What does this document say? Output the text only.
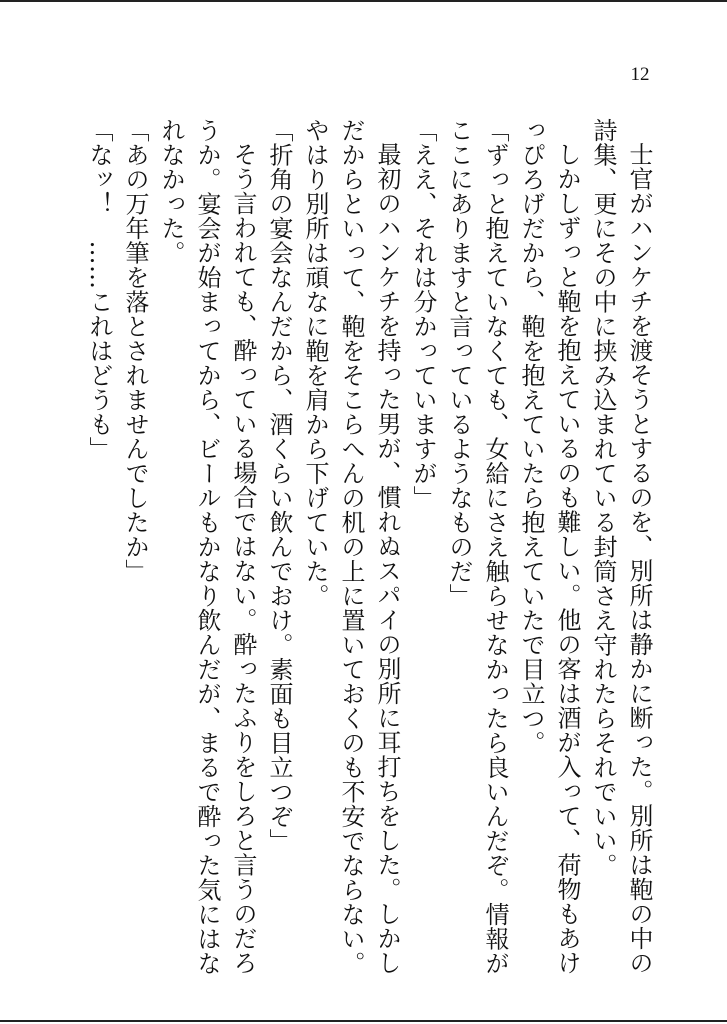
12

士官がハンケチを渡そうとするのを、別所は静かに断った。別所は鞄の中の詩集、更にその中に挟み込まれている封筒さえ守れたらそれでいい。

しかしずっと鞄を抱えているのも難しい。他の客は酒が入って、荷物もあけっぴろげだから、鞄を抱えていたら抱えていたで目立つ。

「ずっと抱えていなくても、女給にさえ触らせなかったら良いんだぞ。情報がここにありますと言っているようなものだ」

「ええ、それは分かっていますが」

最初のハンケチを持った男が、慣れぬスパイの別所に耳打ちをした。しかしだからといって、鞄をそこらへんの机の上に置いておくのも不安でならない。やはり別所は頑なに鞄を肩から下げていた。

「折角の宴会なんだから、酒くらい飲んでおけ。素面も目立つぞ」

そう言われても、酔っている場合ではない。酔ったふりをしろと言うのだろうか。宴会が始まってから、ビールもかなり飲んだが、まるで酔った気にはなれなかった。

「あの万年筆を落とされませんでしたか」

「なッ！　……これはどうも」
